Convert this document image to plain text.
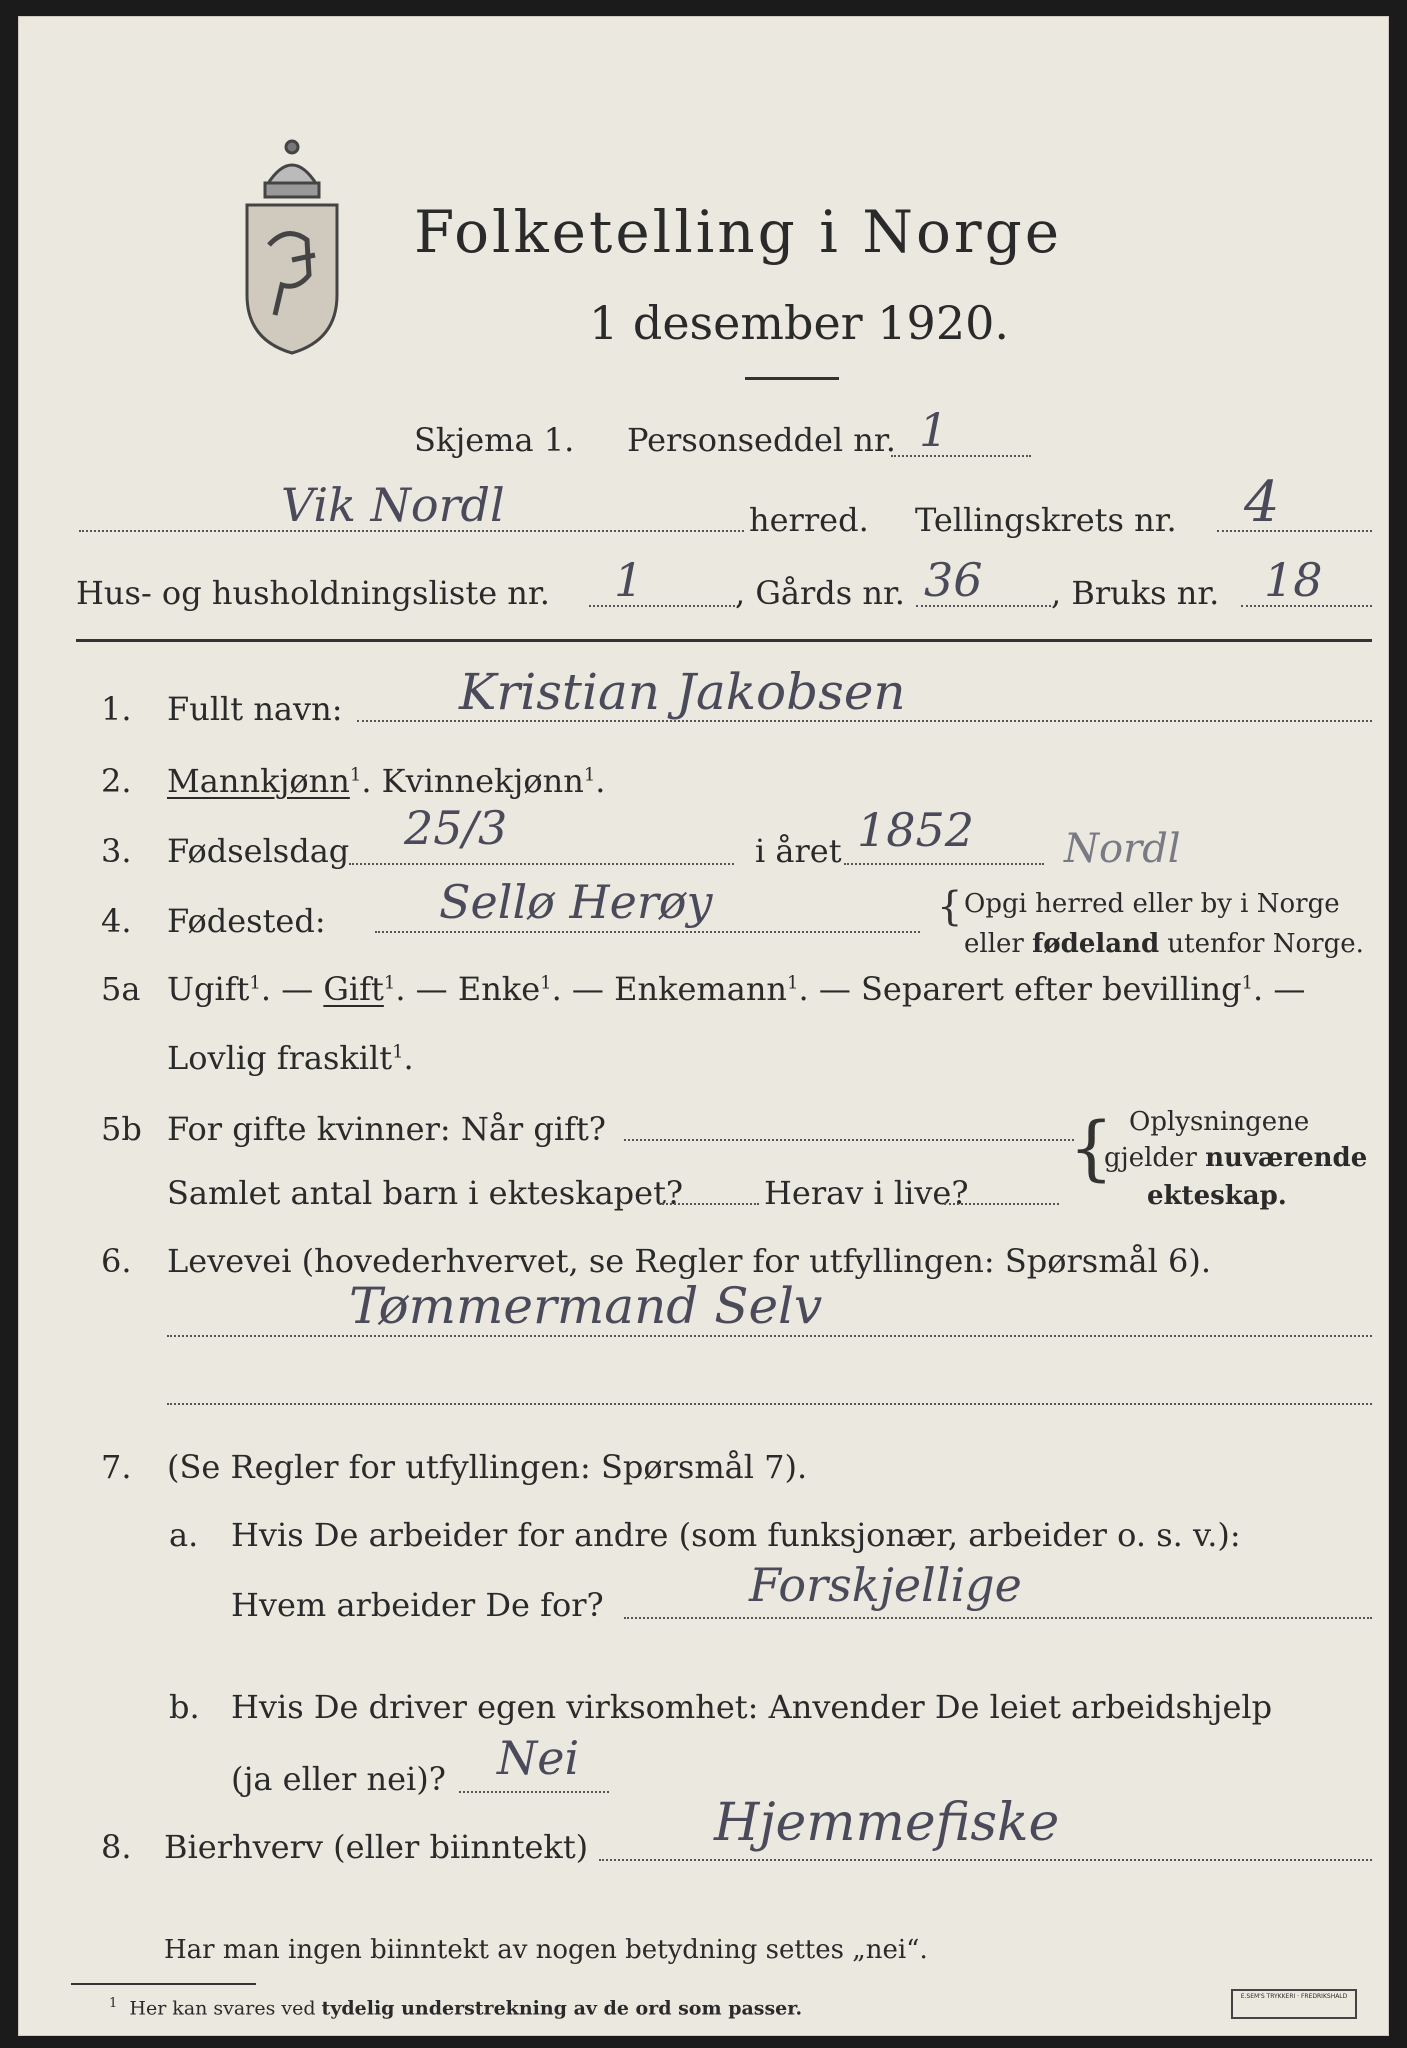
Folketelling i Norge
1 desember 1920.
Skjema 1. Personseddel nr. 1
Vik Nordl	herred. Tellingskrets nr. 4
Hus- og husholdningsliste nr. 1	, Gårds nr. 36 , Bruks nr. 18
1. Fullt navn: Kristian Jakobsen
2. Mannkjønn$^1$. Kvinnekjønn$^1$.
3. Fødselsdag 25/3	i året 1852 Nordl
4. Fødested: Sellø Herøy	{ Opgi herred eller by i Norge
eller fødeland utenfor Norge.
5a Ugift$^1$. — Gift$^1$. — Enke$^1$. — Enkemann$^1$. — Separert efter bevilling$^1$. —
Lovlig fraskilt$^1$.
5b For gifte kvinner: Når gift?
Samlet antal barn i ekteskapet?	Herav i live?
{ Oplysningene
gjelder nuværende
ekteskap.
6. Levevei (hovederhvervet, se Regler for utfyllingen: Spørsmål 6).
Tømmermand Selv
7. (Se Regler for utfyllingen: Spørsmål 7).
a. Hvis De arbeider for andre (som funksjonær, arbeider o. s. v.):
Hvem arbeider De for?	Forskjellige
b. Hvis De driver egen virksomhet: Anvender De leiet arbeidshjelp
(ja eller nei)? Nei
8. Bierhverv (eller biinntekt) Hjemmefiske
Har man ingen biinntekt av nogen betydning settes „nei“.
$^1$ Her kan svares ved tydelig understrekning av de ord som passer.
E.SEM'S TRYKKERI · FREDRIKSHALD
